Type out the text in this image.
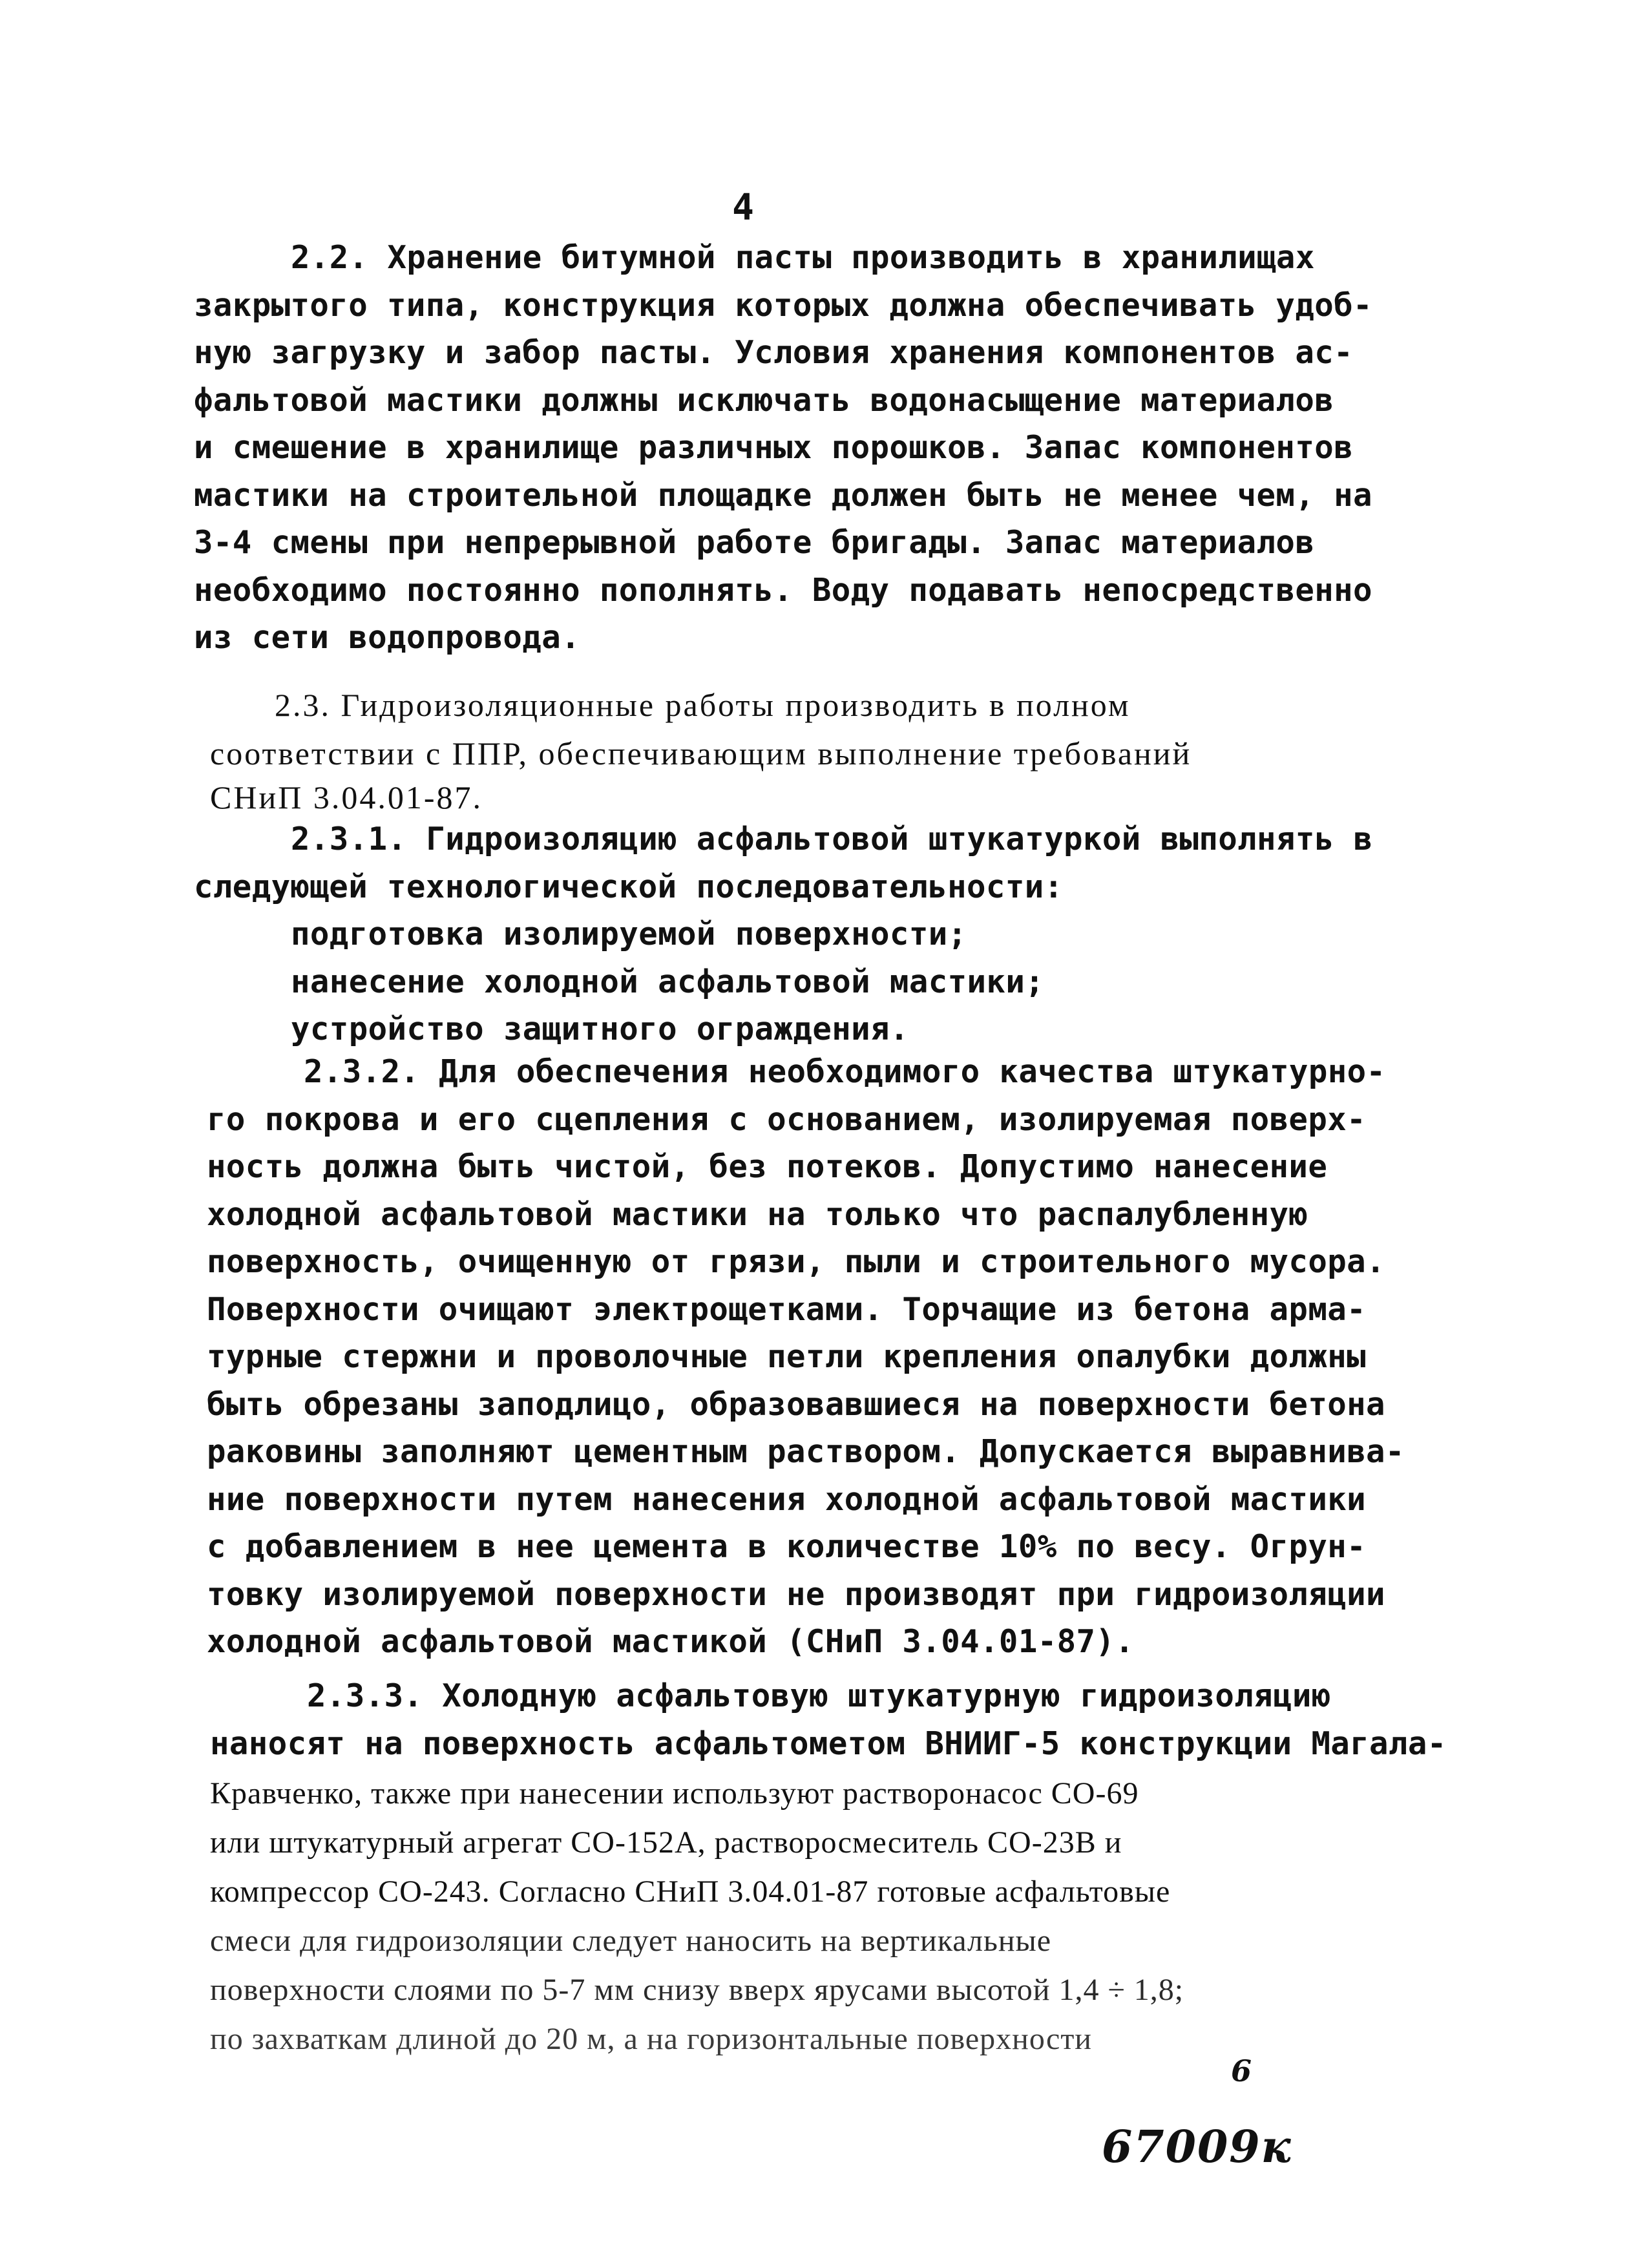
4
2.2. Хранение битумной пасты производить в хранилищах
закрытого типа, конструкция которых должна обеспечивать удоб-
ную загрузку и забор пасты. Условия хранения компонентов ас-
фальтовой мастики должны исключать водонасыщение материалов
и смешение в хранилище различных порошков. Запас компонентов
мастики на строительной площадке должен быть не менее чем, на
3-4 смены при непрерывной работе бригады. Запас материалов
необходимо постоянно пополнять. Воду подавать непосредственно
из сети водопровода.
2.3. Гидроизоляционные работы производить в полном
соответствии с ППР, обеспечивающим выполнение требований
СНиП 3.04.01-87.
2.3.1. Гидроизоляцию асфальтовой штукатуркой выполнять в
следующей технологической последовательности:
подготовка изолируемой поверхности;
нанесение холодной асфальтовой мастики;
устройство защитного ограждения.
2.3.2. Для обеспечения необходимого качества штукатурно-
го покрова и его сцепления с основанием, изолируемая поверх-
ность должна быть чистой, без потеков. Допустимо нанесение
холодной асфальтовой мастики на только что распалубленную
поверхность, очищенную от грязи, пыли и строительного мусора.
Поверхности очищают электрощетками. Торчащие из бетона арма-
турные стержни и проволочные петли крепления опалубки должны
быть обрезаны заподлицо, образовавшиеся на поверхности бетона
раковины заполняют цементным раствором. Допускается выравнива-
ние поверхности путем нанесения холодной асфальтовой мастики
с добавлением в нее цемента в количестве 10% по весу. Огрун-
товку изолируемой поверхности не производят при гидроизоляции
холодной асфальтовой мастикой (СНиП 3.04.01-87).
2.3.3. Холодную асфальтовую штукатурную гидроизоляцию
наносят на поверхность асфальтометом ВНИИГ-5 конструкции Магала-
Кравченко, также при нанесении используют растворонасос СО-69
или штукатурный агрегат СО-152А, растворосмеситель СО-23В и
компрессор СО-243. Согласно СНиП 3.04.01-87 готовые асфальтовые
смеси для гидроизоляции следует наносить на вертикальные
поверхности слоями по 5-7 мм снизу вверх ярусами высотой 1,4 ÷ 1,8;
по захваткам длиной до 20 м, а на горизонтальные поверхности
6
67009к
